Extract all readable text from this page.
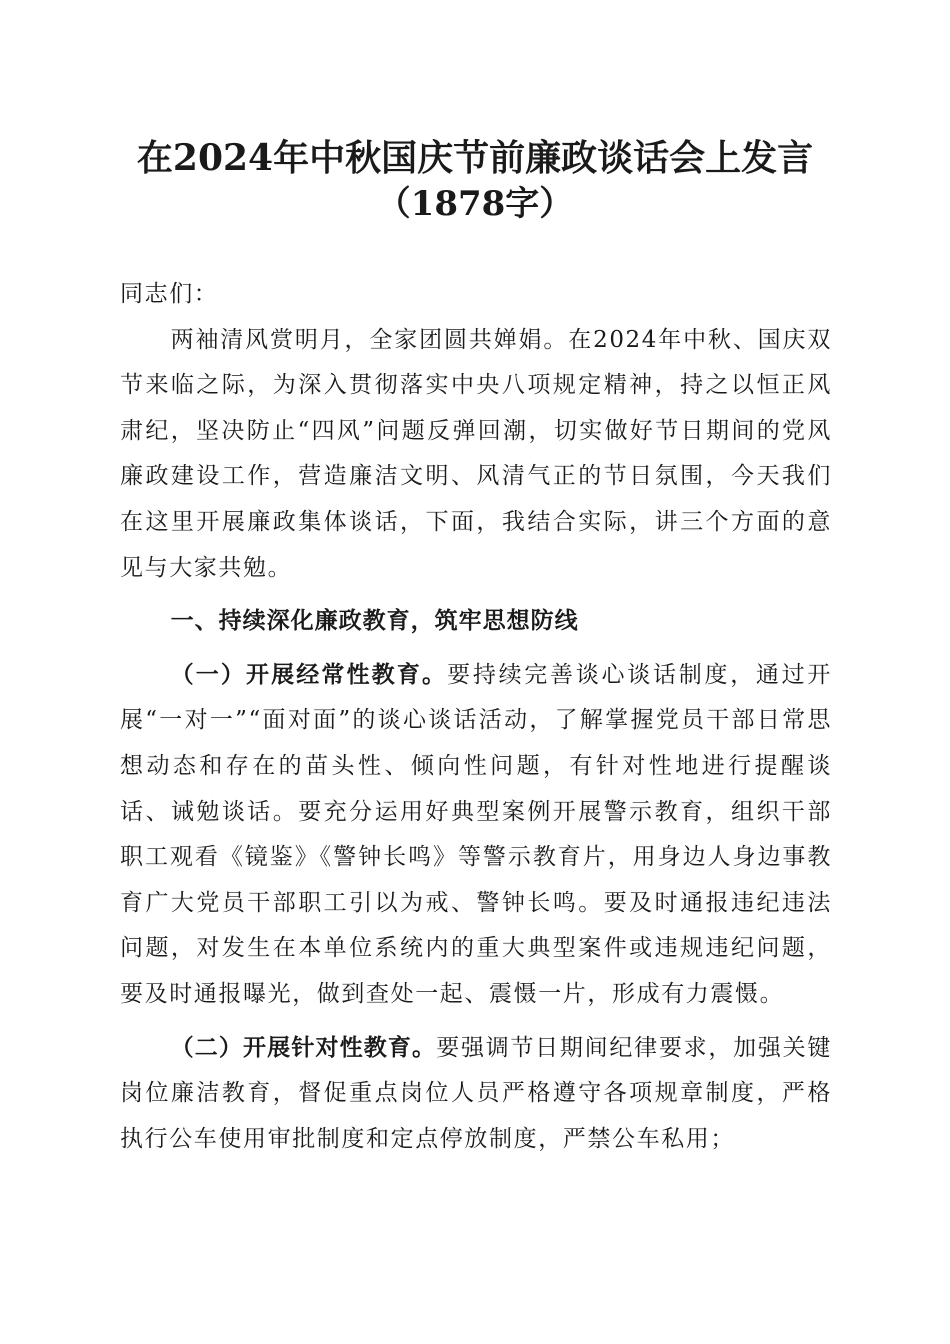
在2024年中秋国庆节前廉政谈话会上发言
（1878字）

同志们：

两袖清风赏明月，全家团圆共婵娟。在2024年中秋、国庆双节来临之际，为深入贯彻落实中央八项规定精神，持之以恒正风肃纪，坚决防止“四风”问题反弹回潮，切实做好节日期间的党风廉政建设工作，营造廉洁文明、风清气正的节日氛围，今天我们在这里开展廉政集体谈话，下面，我结合实际，讲三个方面的意见与大家共勉。

一、持续深化廉政教育，筑牢思想防线

（一）开展经常性教育。要持续完善谈心谈话制度，通过开展“一对一”“面对面”的谈心谈话活动，了解掌握党员干部日常思想动态和存在的苗头性、倾向性问题，有针对性地进行提醒谈话、诫勉谈话。要充分运用好典型案例开展警示教育，组织干部职工观看《镜鉴》《警钟长鸣》等警示教育片，用身边人身边事教育广大党员干部职工引以为戒、警钟长鸣。要及时通报违纪违法问题，对发生在本单位系统内的重大典型案件或违规违纪问题，要及时通报曝光，做到查处一起、震慑一片，形成有力震慑。

（二）开展针对性教育。要强调节日期间纪律要求，加强关键岗位廉洁教育，督促重点岗位人员严格遵守各项规章制度，严格执行公车使用审批制度和定点停放制度，严禁公车私用；
